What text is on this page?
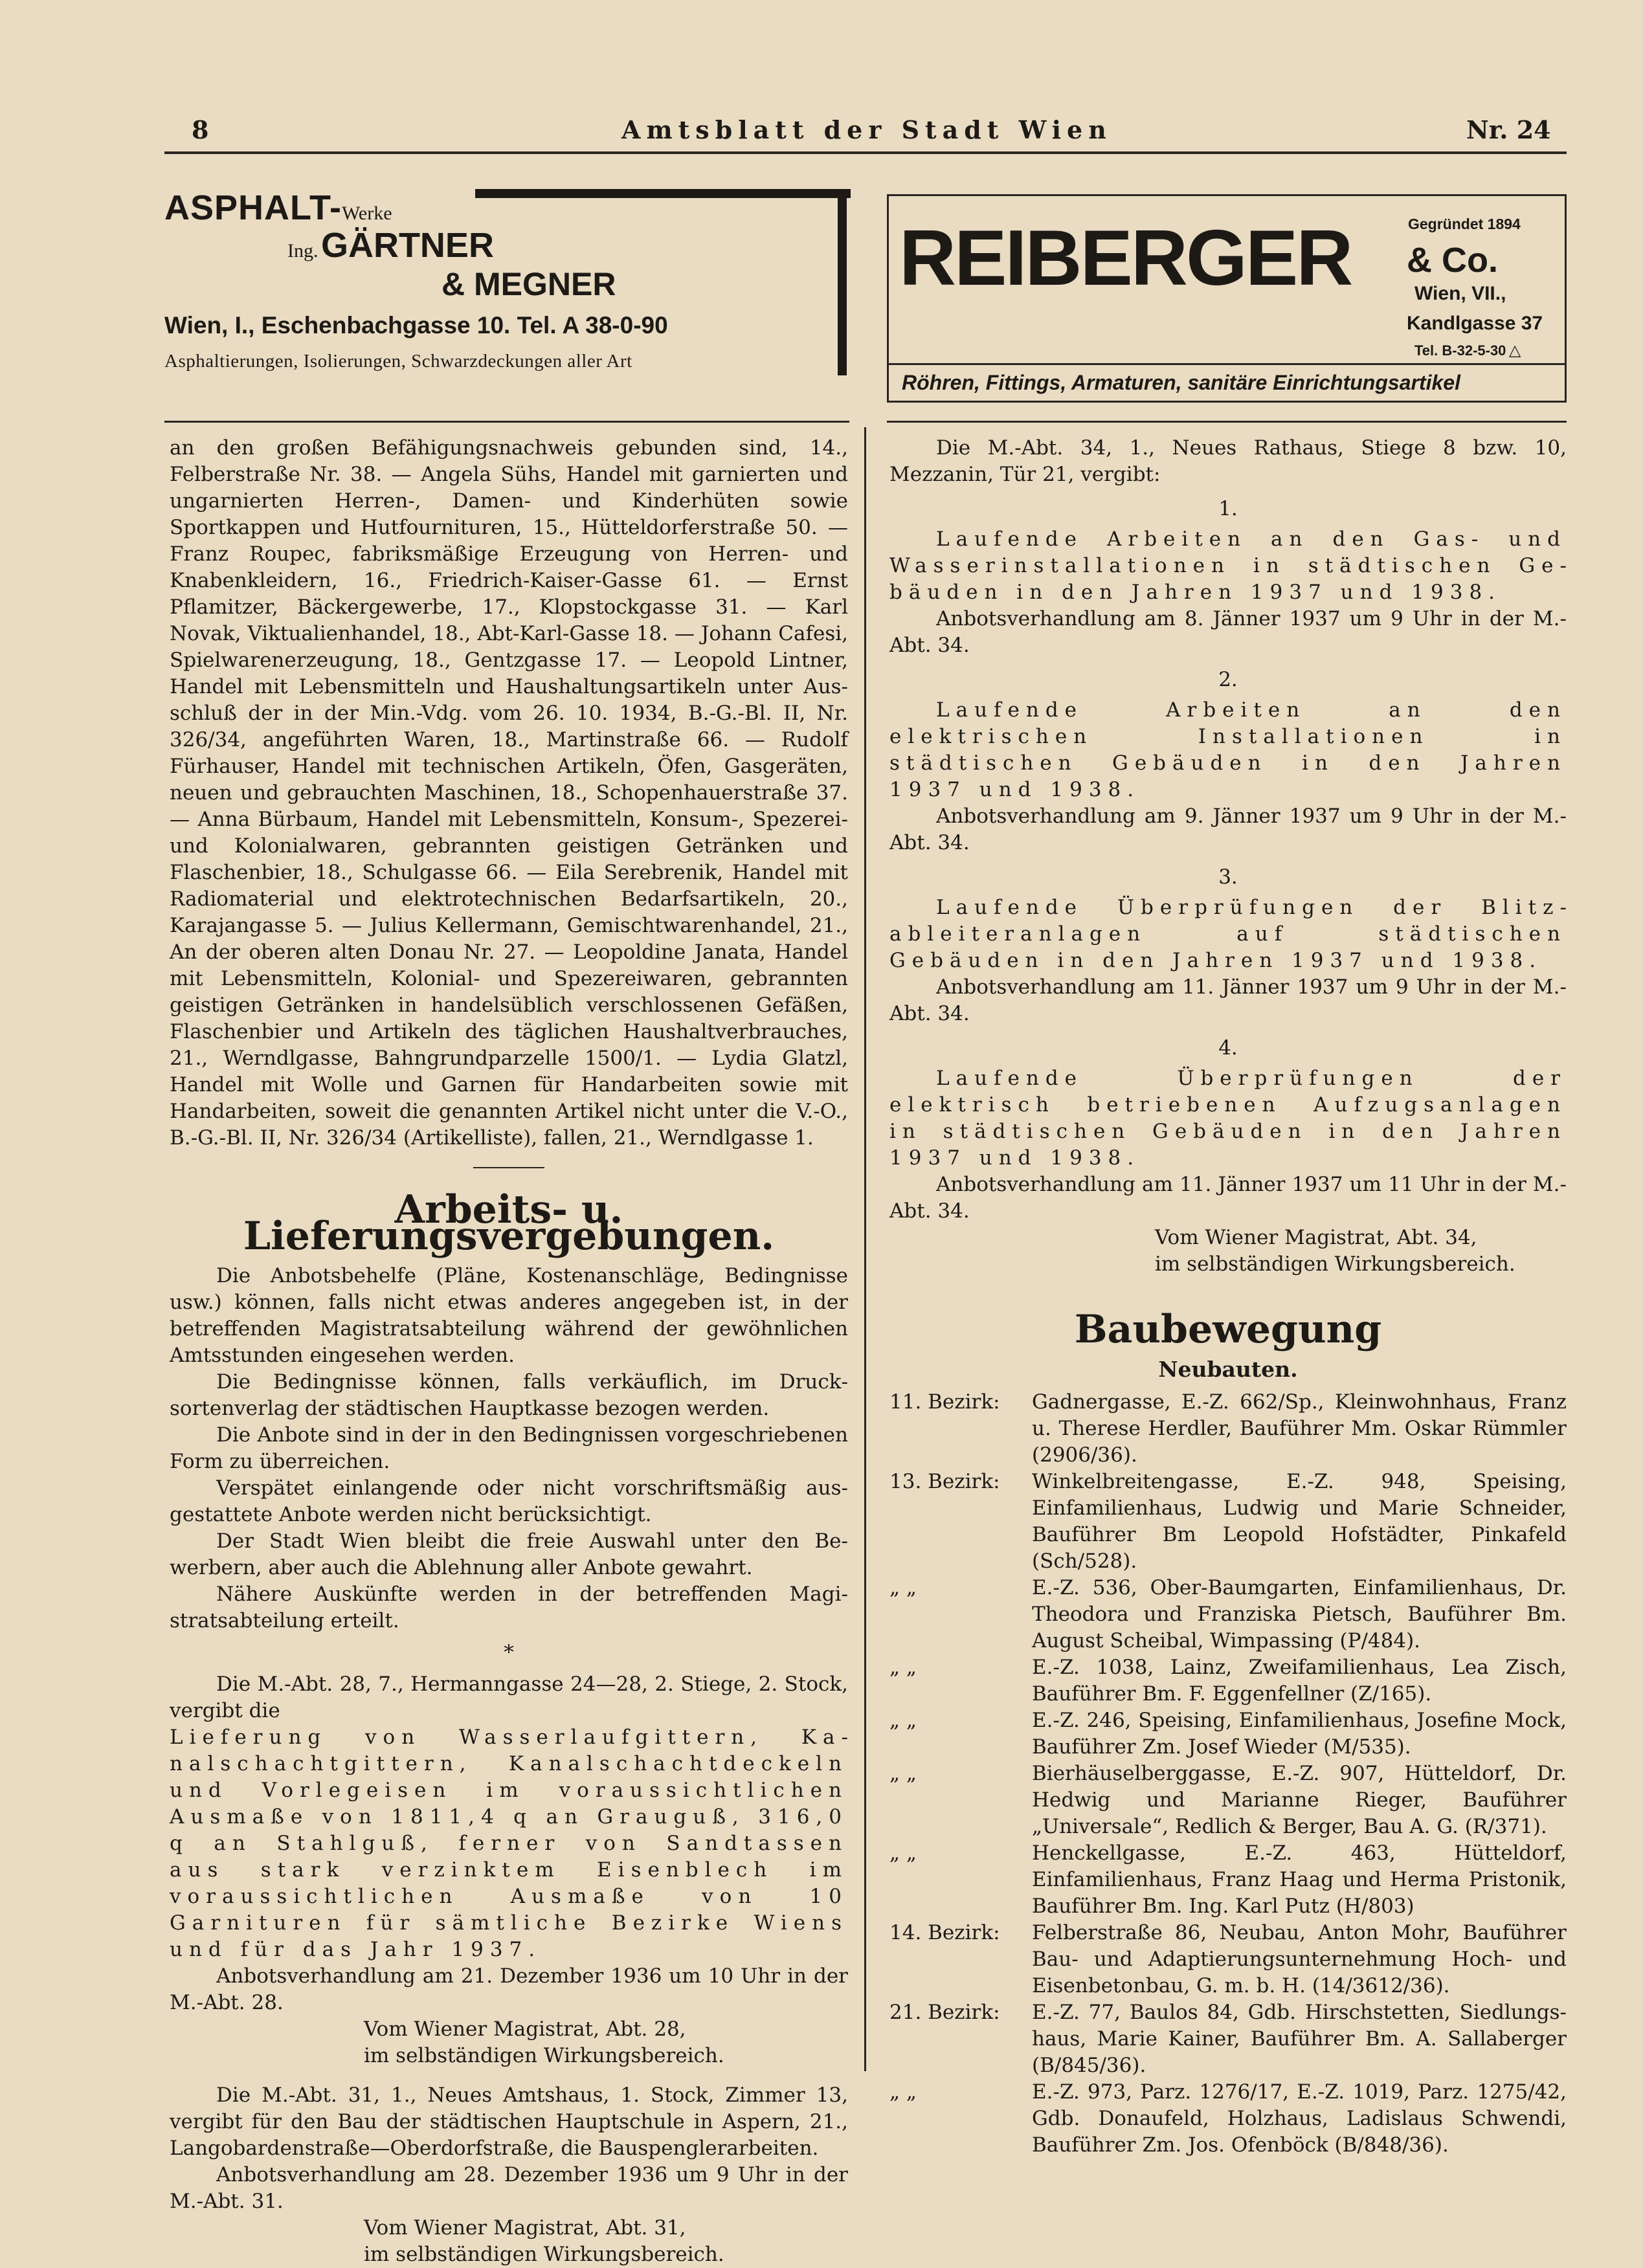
8	Amtsblatt der Stadt Wien	Nr. 24
ASPHALT-Werke
Ing. GÄRTNER
& MEGNER
Wien, I., Eschenbachgasse 10. Tel. A 38-0-90
Asphaltierungen, Isolierungen, Schwarzdeckungen aller Art
REIBERGER	Gegründet 1894
& Co.
Wien, VII.,
Kandlgasse 37
Tel. B-32-5-30 △
Röhren, Fittings, Armaturen, sanitäre Einrichtungsartikel

an den großen Befähigungsnachweis gebunden sind, 14., Felberstraße Nr. 38. — Angela Sühs, Handel mit garnierten und ungarnierten Herren-, Damen- und Kinderhüten sowie Sportkappen und Hutfournituren, 15., Hütteldorferstraße 50. — Franz Roupec, fabriksmäßige Erzeugung von Herren- und Knabenkleidern, 16., Friedrich-Kaiser-Gasse 61. — Ernst Pflamitzer, Bäckergewerbe, 17., Klopstockgasse 31. — Karl Novak, Viktualienhandel, 18., Abt-Karl-Gasse 18. — Johann Cafesi, Spielwarenerzeugung, 18., Gentzgasse 17. — Leopold Lintner, Handel mit Lebensmitteln und Haushaltungsartikeln unter Ausschluß der in der Min.-Vdg. vom 26. 10. 1934, B.-G.-Bl. II, Nr. 326/34, angeführten Waren, 18., Martinstraße 66. — Rudolf Fürhauser, Handel mit technischen Artikeln, Öfen, Gasgeräten, neuen und gebrauchten Maschinen, 18., Schopenhauerstraße 37. — Anna Bürbaum, Handel mit Lebensmitteln, Konsum-, Spezerei- und Kolonialwaren, gebrannten geistigen Getränken und Flaschenbier, 18., Schulgasse 66. — Eila Serebrenik, Handel mit Radiomaterial und elektrotechnischen Bedarfsartikeln, 20., Karajangasse 5. — Julius Kellermann, Gemischtwarenhandel, 21., An der oberen alten Donau Nr. 27. — Leopoldine Janata, Handel mit Lebensmitteln, Kolonial- und Spezereiwaren, gebrannten geistigen Getränken in handelsüblich verschlossenen Gefäßen, Flaschenbier und Artikeln des täglichen Haushaltverbrauches, 21., Werndlgasse, Bahngrundparzelle 1500/1. — Lydia Glatzl, Handel mit Wolle und Garnen für Handarbeiten sowie mit Handarbeiten, soweit die genannten Artikel nicht unter die V.-O., B.-G.-Bl. II, Nr. 326/34 (Artikelliste), fallen, 21., Werndlgasse 1.

Arbeits- u. Lieferungsvergebungen.

Die Anbotsbehelfe (Pläne, Kostenanschläge, Bedingnisse usw.) können, falls nicht etwas anderes angegeben ist, in der betreffenden Magistratsabteilung während der gewöhnlichen Amtsstunden eingesehen werden.

Die Bedingnisse können, falls verkäuflich, im Drucksortenverlag der städtischen Hauptkasse bezogen werden.

Die Anbote sind in der in den Bedingnissen vorgeschriebenen Form zu überreichen.

Verspätet einlangende oder nicht vorschriftsmäßig ausgestattete Anbote werden nicht berücksichtigt.

Der Stadt Wien bleibt die freie Auswahl unter den Bewerbern, aber auch die Ablehnung aller Anbote gewahrt.

Nähere Auskünfte werden in der betreffenden Magistratsabteilung erteilt.

*

Die M.-Abt. 28, 7., Hermanngasse 24—28, 2. Stiege, 2. Stock, vergibt die

Lieferung von Wasserlaufgittern, Kanalschachtgittern, Kanalschachtdeckeln und Vorlegeisen im voraussichtlichen Ausmaße von 1811,4 q an Grauguß, 316,0 q an Stahlguß, ferner von Sandtassen aus stark verzinktem Eisenblech im voraussichtlichen Ausmaße von 10 Garnituren für sämtliche Bezirke Wiens und für das Jahr 1937.

Anbotsverhandlung am 21. Dezember 1936 um 10 Uhr in der M.-Abt. 28.

Vom Wiener Magistrat, Abt. 28,

im selbständigen Wirkungsbereich.

Die M.-Abt. 31, 1., Neues Amtshaus, 1. Stock, Zimmer 13, vergibt für den Bau der städtischen Hauptschule in Aspern, 21., Langobardenstraße—Oberdorfstraße, die Bauspenglerarbeiten.

Anbotsverhandlung am 28. Dezember 1936 um 9 Uhr in der M.-Abt. 31.

Vom Wiener Magistrat, Abt. 31,

im selbständigen Wirkungsbereich.

Die M.-Abt. 34, 1., Neues Rathaus, Stiege 8 bzw. 10, Mezzanin, Tür 21, vergibt:

1.

Laufende Arbeiten an den Gas- und Wasserinstallationen in städtischen Gebäuden in den Jahren 1937 und 1938.

Anbotsverhandlung am 8. Jänner 1937 um 9 Uhr in der M.-Abt. 34.

2.

Laufende Arbeiten an den elektrischen Installationen in städtischen Gebäuden in den Jahren 1937 und 1938.

Anbotsverhandlung am 9. Jänner 1937 um 9 Uhr in der M.-Abt. 34.

3.

Laufende Überprüfungen der Blitzableiteranlagen auf städtischen Gebäuden in den Jahren 1937 und 1938.

Anbotsverhandlung am 11. Jänner 1937 um 9 Uhr in der M.-Abt. 34.

4.

Laufende Überprüfungen der elektrisch betriebenen Aufzugsanlagen in städtischen Gebäuden in den Jahren 1937 und 1938.

Anbotsverhandlung am 11. Jänner 1937 um 11 Uhr in der M.-Abt. 34.

Vom Wiener Magistrat, Abt. 34,

im selbständigen Wirkungsbereich.

Baubewegung
Neubauten.
11. Bezirk:	Gadnergasse, E.-Z. 662/Sp., Kleinwohnhaus, Franz u. Therese Herdler, Bauführer Mm. Oskar Rümmler (2906/36).
13. Bezirk:	Winkelbreitengasse, E.-Z. 948, Speising, Einfamilienhaus, Ludwig und Marie Schneider, Bauführer Bm Leopold Hofstädter, Pinkafeld (Sch/528).
„ „	E.-Z. 536, Ober-Baumgarten, Einfamilienhaus, Dr. Theodora und Franziska Pietsch, Bauführer Bm. August Scheibal, Wimpassing (P/484).
„ „	E.-Z. 1038, Lainz, Zweifamilienhaus, Lea Zisch, Bauführer Bm. F. Eggenfellner (Z/165).
„ „	E.-Z. 246, Speising, Einfamilienhaus, Josefine Mock, Bauführer Zm. Josef Wieder (M/535).
„ „	Bierhäuselberggasse, E.-Z. 907, Hütteldorf, Dr. Hedwig und Marianne Rieger, Bauführer „Universale“, Redlich & Berger, Bau A. G. (R/371).
„ „	Henckellgasse, E.-Z. 463, Hütteldorf, Einfamilienhaus, Franz Haag und Herma Pristonik, Bauführer Bm. Ing. Karl Putz (H/803)
14. Bezirk:	Felberstraße 86, Neubau, Anton Mohr, Bauführer Bau- und Adaptierungsunternehmung Hoch- und Eisenbetonbau, G. m. b. H. (14/3612/36).
21. Bezirk:	E.-Z. 77, Baulos 84, Gdb. Hirschstetten, Siedlungshaus, Marie Kainer, Bauführer Bm. A. Sallaberger (B/845/36).
„ „	E.-Z. 973, Parz. 1276/17, E.-Z. 1019, Parz. 1275/42, Gdb. Donaufeld, Holzhaus, Ladislaus Schwendi, Bauführer Zm. Jos. Ofenböck (B/848/36).
